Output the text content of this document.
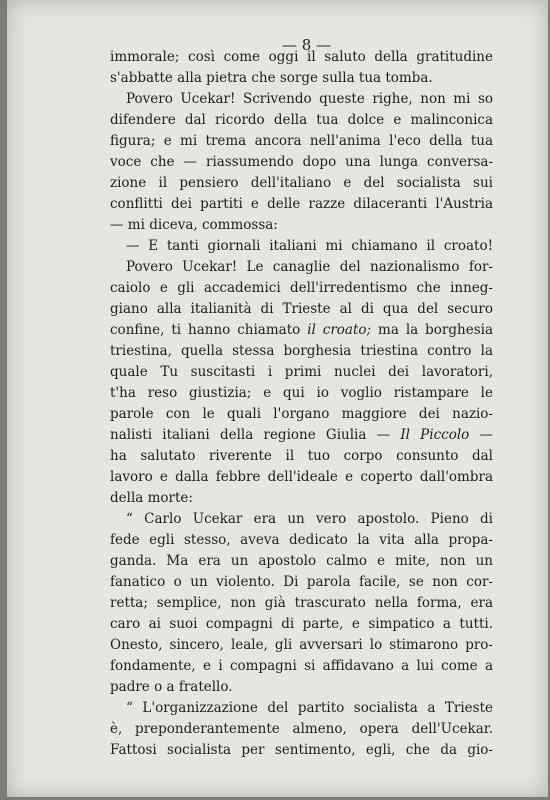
— 8 —
immorale; così come oggi il saluto della gratitudine
s'abbatte alla pietra che sorge sulla tua tomba.
Povero Ucekar! Scrivendo queste righe, non mi so
difendere dal ricordo della tua dolce e malinconica
figura; e mi trema ancora nell'anima l'eco della tua
voce che — riassumendo dopo una lunga conversa-
zione il pensiero dell'italiano e del socialista sui
conflitti dei partiti e delle razze dilaceranti l'Austria
— mi diceva, commossa:
— E tanti giornali italiani mi chiamano il croato!
Povero Ucekar! Le canaglie del nazionalismo for-
caiolo e gli accademici dell'irredentismo che inneg-
giano alla italianità di Trieste al di qua del securo
confine, ti hanno chiamato il croato; ma la borghesia
triestina, quella stessa borghesia triestina contro la
quale Tu suscitasti i primi nuclei dei lavoratori,
t'ha reso giustizia; e qui io voglio ristampare le
parole con le quali l'organo maggiore dei nazio-
nalisti italiani della regione Giulia — Il Piccolo —
ha salutato riverente il tuo corpo consunto dal
lavoro e dalla febbre dell'ideale e coperto dall'ombra
della morte:
“ Carlo Ucekar era un vero apostolo. Pieno di
fede egli stesso, aveva dedicato la vita alla propa-
ganda. Ma era un apostolo calmo e mite, non un
fanatico o un violento. Di parola facile, se non cor-
retta; semplice, non già trascurato nella forma, era
caro ai suoi compagni di parte, e simpatico a tutti.
Onesto, sincero, leale, gli avversari lo stimarono pro-
fondamente, e i compagni si affidavano a lui come a
padre o a fratello.
“ L'organizzazione del partito socialista a Trieste
è, preponderantemente almeno, opera dell'Ucekar.
Fattosi socialista per sentimento, egli, che da gio-
